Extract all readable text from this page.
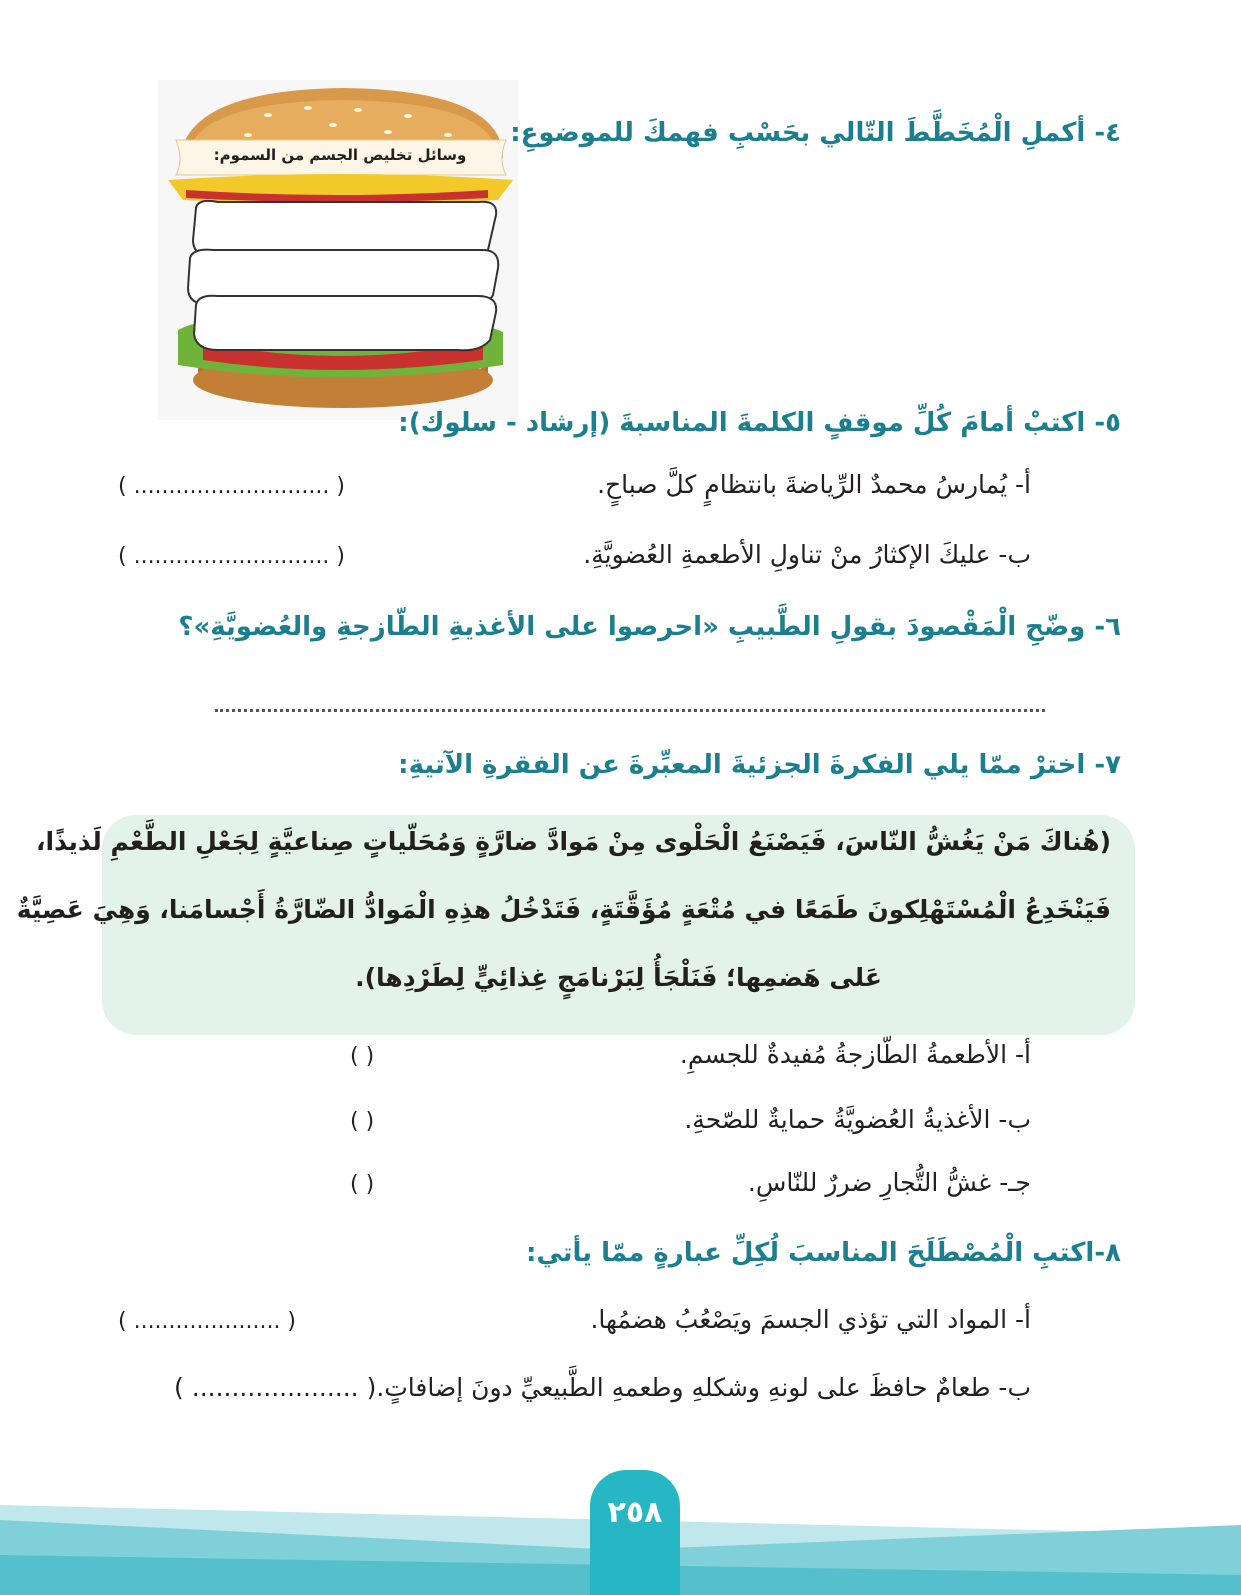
وسائل تخليص الجسم من السموم:
٤- أكملِ الْمُخَطَّطَ التّالي بحَسْبِ فهمكَ للموضوعِ:
٥- اكتبْ أمامَ كُلِّ موقفٍ الكلمةَ المناسبةَ (إرشاد - سلوك):
أ- يُمارسُ محمدٌ الرِّياضةَ بانتظامٍ كلَّ صباحٍ.
( ............................ )
ب- عليكَ الإكثارُ منْ تناولِ الأطعمةِ العُضويَّةِ.
( ............................ )
٦- وضّحِ الْمَقْصودَ بقولِ الطَّبيبِ «احرصوا على الأغذيةِ الطّازجةِ والعُضويَّةِ»؟
٧- اخترْ ممّا يلي الفكرةَ الجزئيةَ المعبِّرةَ عن الفقرةِ الآتيةِ:
(هُناكَ مَنْ يَغُشُّ النّاسَ، فَيَصْنَعُ الْحَلْوى مِنْ مَوادَّ ضارَّةٍ وَمُحَلّياتٍ صِناعيَّةٍ لِجَعْلِ الطَّعْمِ لَذيذًا،
فَيَنْخَدِعُ الْمُسْتَهْلِكونَ طَمَعًا في مُتْعَةٍ مُؤَقَّتَةٍ، فَتَدْخُلُ هذِهِ الْمَوادُّ الضّارَّةُ أَجْسامَنا، وَهِيَ عَصِيَّةٌ
عَلى هَضمِها؛ فَنَلْجَأُ لِبَرْنامَجٍ غِذائِيٍّ لِطَرْدِها).
أ- الأطعمةُ الطّازجةُ مُفيدةٌ للجسمِ.
( )
ب- الأغذيةُ العُضويَّةُ حمايةٌ للصّحةِ.
( )
جـ- غشُّ التُّجارِ ضررٌ للنّاسِ.
( )
٨-اكتبِ الْمُصْطَلَحَ المناسبَ لُكِلِّ عبارةٍ ممّا يأتي:
أ- المواد التي تؤذي الجسمَ ويَصْعُبُ هضمُها.
( ..................... )
ب- طعامٌ حافظَ على لونهِ وشكلهِ وطعمهِ الطَّبيعيِّ دونَ إضافاتٍ.( ..................... )
٢٥٨
